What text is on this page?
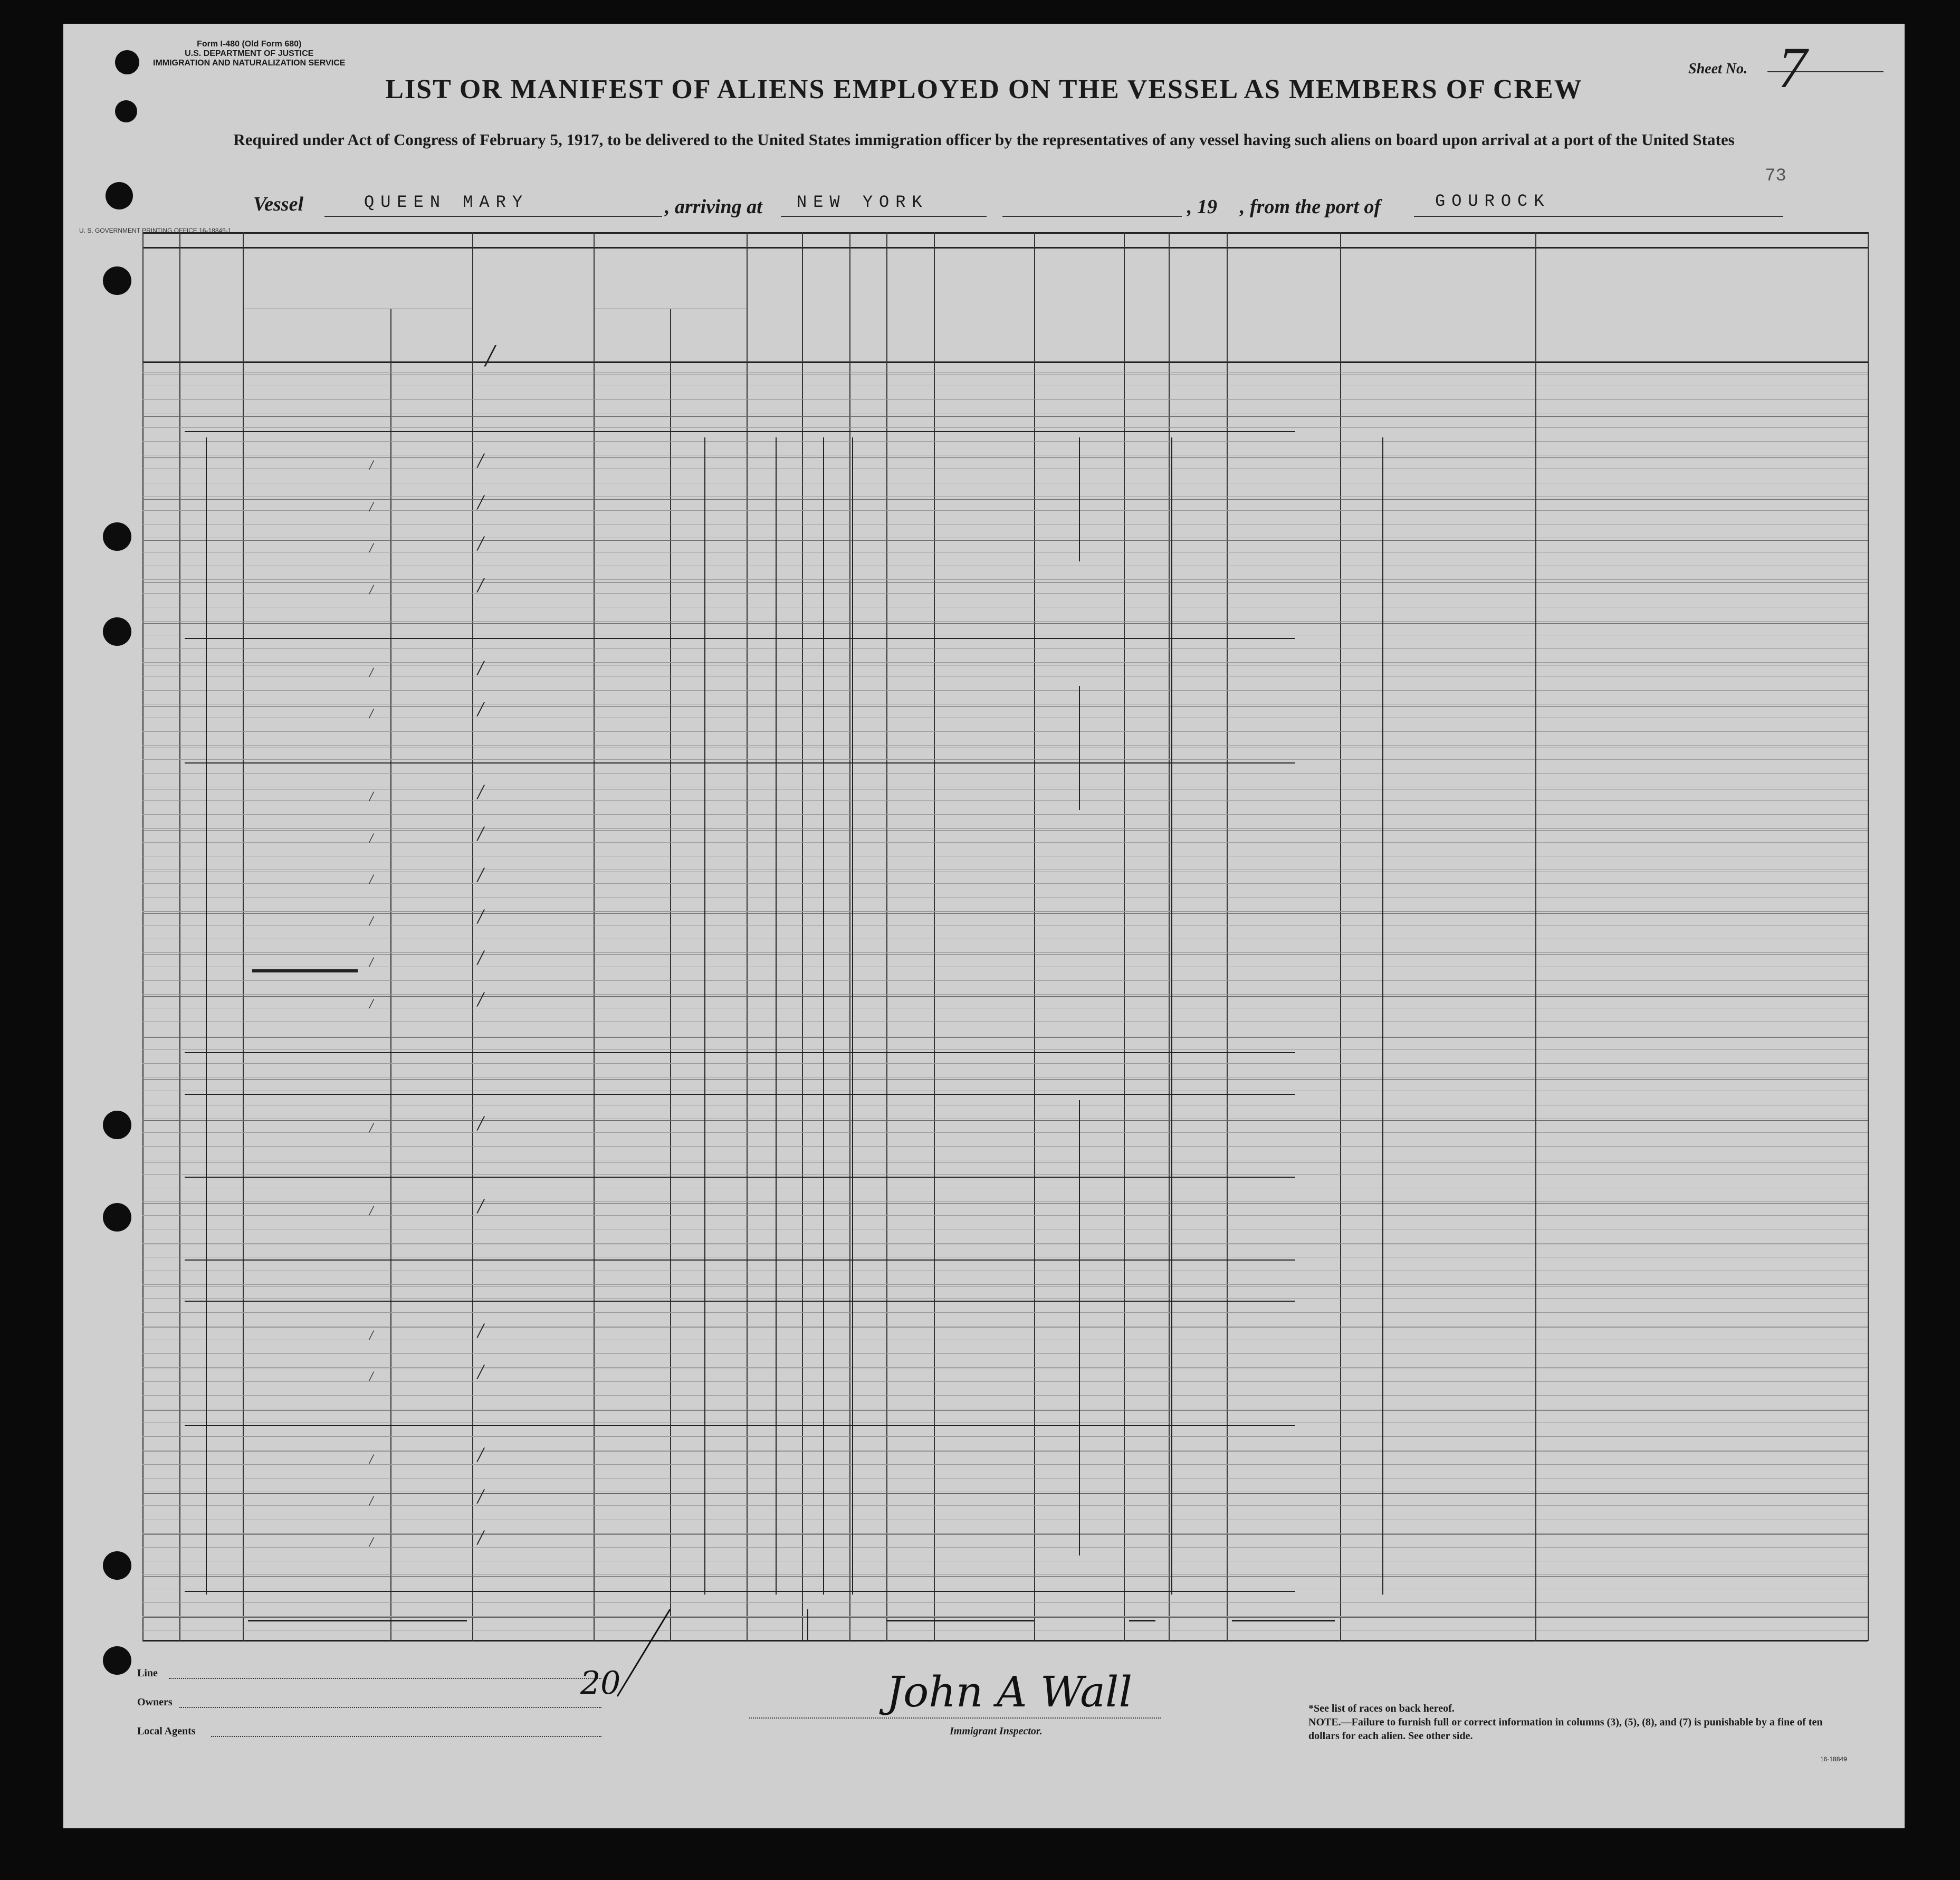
Form I-480 (Old Form 680)
U.S. DEPARTMENT OF JUSTICE
IMMIGRATION AND NATURALIZATION SERVICE	Sheet No. 7
LIST OR MANIFEST OF ALIENS EMPLOYED ON THE VESSEL AS MEMBERS OF CREW
Required under Act of Congress of February 5, 1917, to be delivered to the United States immigration officer by the representatives of any vessel having such aliens on board upon arrival at a port of the United States
73
Vessel	QUEEN MARY	, arriving at NEW YORK	, 19 , from the port of	GOUROCK
U. S. GOVERNMENT PRINTING OFFICE 16-18849-1
/	/
/	/
/	/
/	/
/	/
/	/
/	/
/	/
/	/
/	/
/	/
/	/
/	/
/	/
/	/
/	/
/	/
/	/
/	/
/
Line
Owners
Local Agents
20	John A Wall
Immigrant Inspector.
*See list of races on back hereof.
NOTE.—Failure to furnish full or correct information in columns (3), (5), (8), and (7) is punishable by a fine of ten dollars for each alien. See other side.
16-18849
